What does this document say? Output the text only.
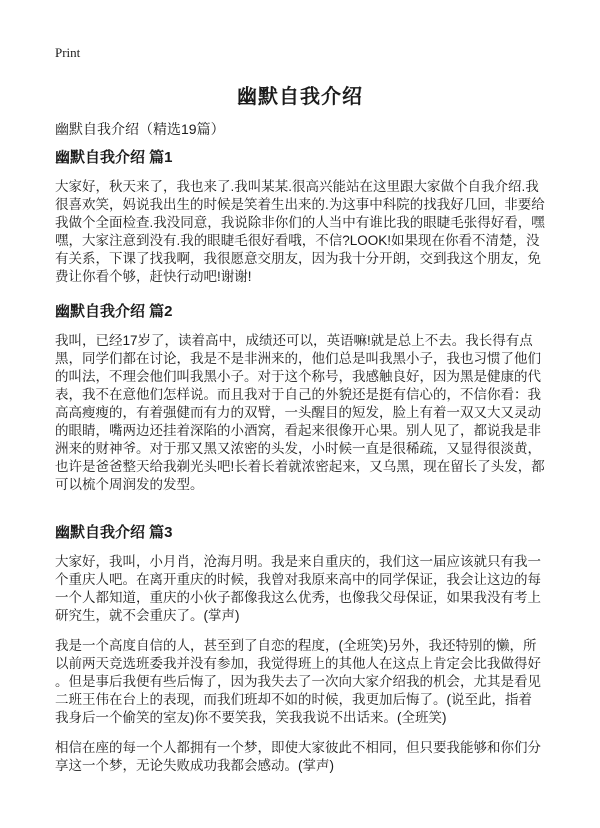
Print
幽默自我介绍

幽默自我介绍（精选19篇）

幽默自我介绍 篇1

大家好，秋天来了，我也来了.我叫某某.很高兴能站在这里跟大家做个自我介绍.我很喜欢笑，妈说我出生的时候是笑着生出来的.为这事中科院的找我好几回，非要给我做个全面检查.我没同意，我说除非你们的人当中有谁比我的眼睫毛张得好看，嘿嘿，大家注意到没有.我的眼睫毛很好看哦，不信?LOOK!如果现在你看不清楚，没有关系，下课了找我啊，我很愿意交朋友，因为我十分开朗，交到我这个朋友，免费让你看个够，赶快行动吧!谢谢!

幽默自我介绍 篇2

我叫，已经17岁了，读着高中，成绩还可以，英语嘛!就是总上不去。我长得有点黑，同学们都在讨论，我是不是非洲来的，他们总是叫我黑小子，我也习惯了他们的叫法，不理会他们叫我黑小子。对于这个称号，我感触良好，因为黑是健康的代表，我不在意他们怎样说。而且我对于自己的外貌还是挺有信心的，不信你看：我高高瘦瘦的，有着强健而有力的双臂，一头醒目的短发，脸上有着一双又大又灵动的眼睛，嘴两边还挂着深陷的小酒窝，看起来很像开心果。别人见了，都说我是非洲来的财神爷。对于那又黑又浓密的头发，小时候一直是很稀疏，又显得很淡黄，也许是爸爸整天给我剃光头吧!长着长着就浓密起来，又乌黑，现在留长了头发，都可以梳个周润发的发型。

幽默自我介绍 篇3

大家好，我叫，小月肖，沧海月明。我是来自重庆的，我们这一届应该就只有我一个重庆人吧。在离开重庆的时候，我曾对我原来高中的同学保证，我会让这边的每一个人都知道，重庆的小伙子都像我这么优秀，也像我父母保证，如果我没有考上研究生，就不会重庆了。(掌声)

我是一个高度自信的人，甚至到了自恋的程度，(全班笑)另外，我还特别的懒，所以前两天竞选班委我并没有参加，我觉得班上的其他人在这点上肯定会比我做得好。但是事后我便有些后悔了，因为我失去了一次向大家介绍我的机会，尤其是看见二班王伟在台上的表现，而我们班却不如的时候，我更加后悔了。(说至此，指着我身后一个偷笑的室友)你不要笑我，笑我我说不出话来。(全班笑)

相信在座的每一个人都拥有一个梦，即使大家彼此不相同，但只要我能够和你们分享这一个梦，无论失败成功我都会感动。(掌声)
